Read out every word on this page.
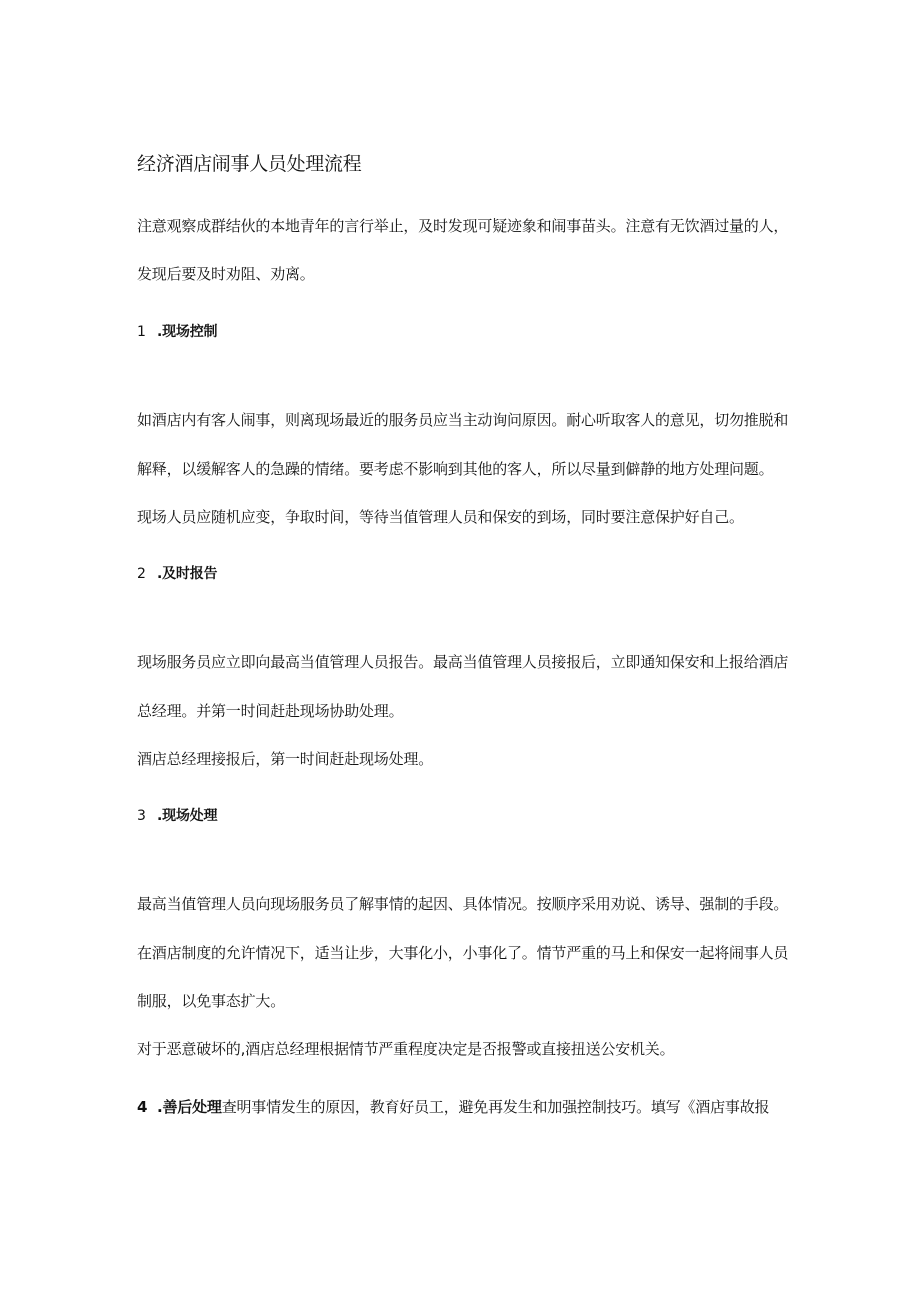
经济酒店闹事人员处理流程
注意观察成群结伙的本地青年的言行举止，及时发现可疑迹象和闹事苗头。注意有无饮酒过量的人，
发现后要及时劝阻、劝离。
1 .现场控制
如酒店内有客人闹事，则离现场最近的服务员应当主动询问原因。耐心听取客人的意见，切勿推脱和
解释，以缓解客人的急躁的情绪。要考虑不影响到其他的客人，所以尽量到僻静的地方处理问题。
现场人员应随机应变，争取时间，等待当值管理人员和保安的到场，同时要注意保护好自己。
2 .及时报告
现场服务员应立即向最高当值管理人员报告。最高当值管理人员接报后，立即通知保安和上报给酒店
总经理。并第一时间赶赴现场协助处理。
酒店总经理接报后，第一时间赶赴现场处理。
3 .现场处理
最高当值管理人员向现场服务员了解事情的起因、具体情况。按顺序采用劝说、诱导、强制的手段。
在酒店制度的允许情况下，适当让步，大事化小，小事化了。情节严重的马上和保安一起将闹事人员
制服，以免事态扩大。
对于恶意破坏的,酒店总经理根据情节严重程度决定是否报警或直接扭送公安机关。
4 .善后处理查明事情发生的原因，教育好员工，避免再发生和加强控制技巧。填写《酒店事故报
